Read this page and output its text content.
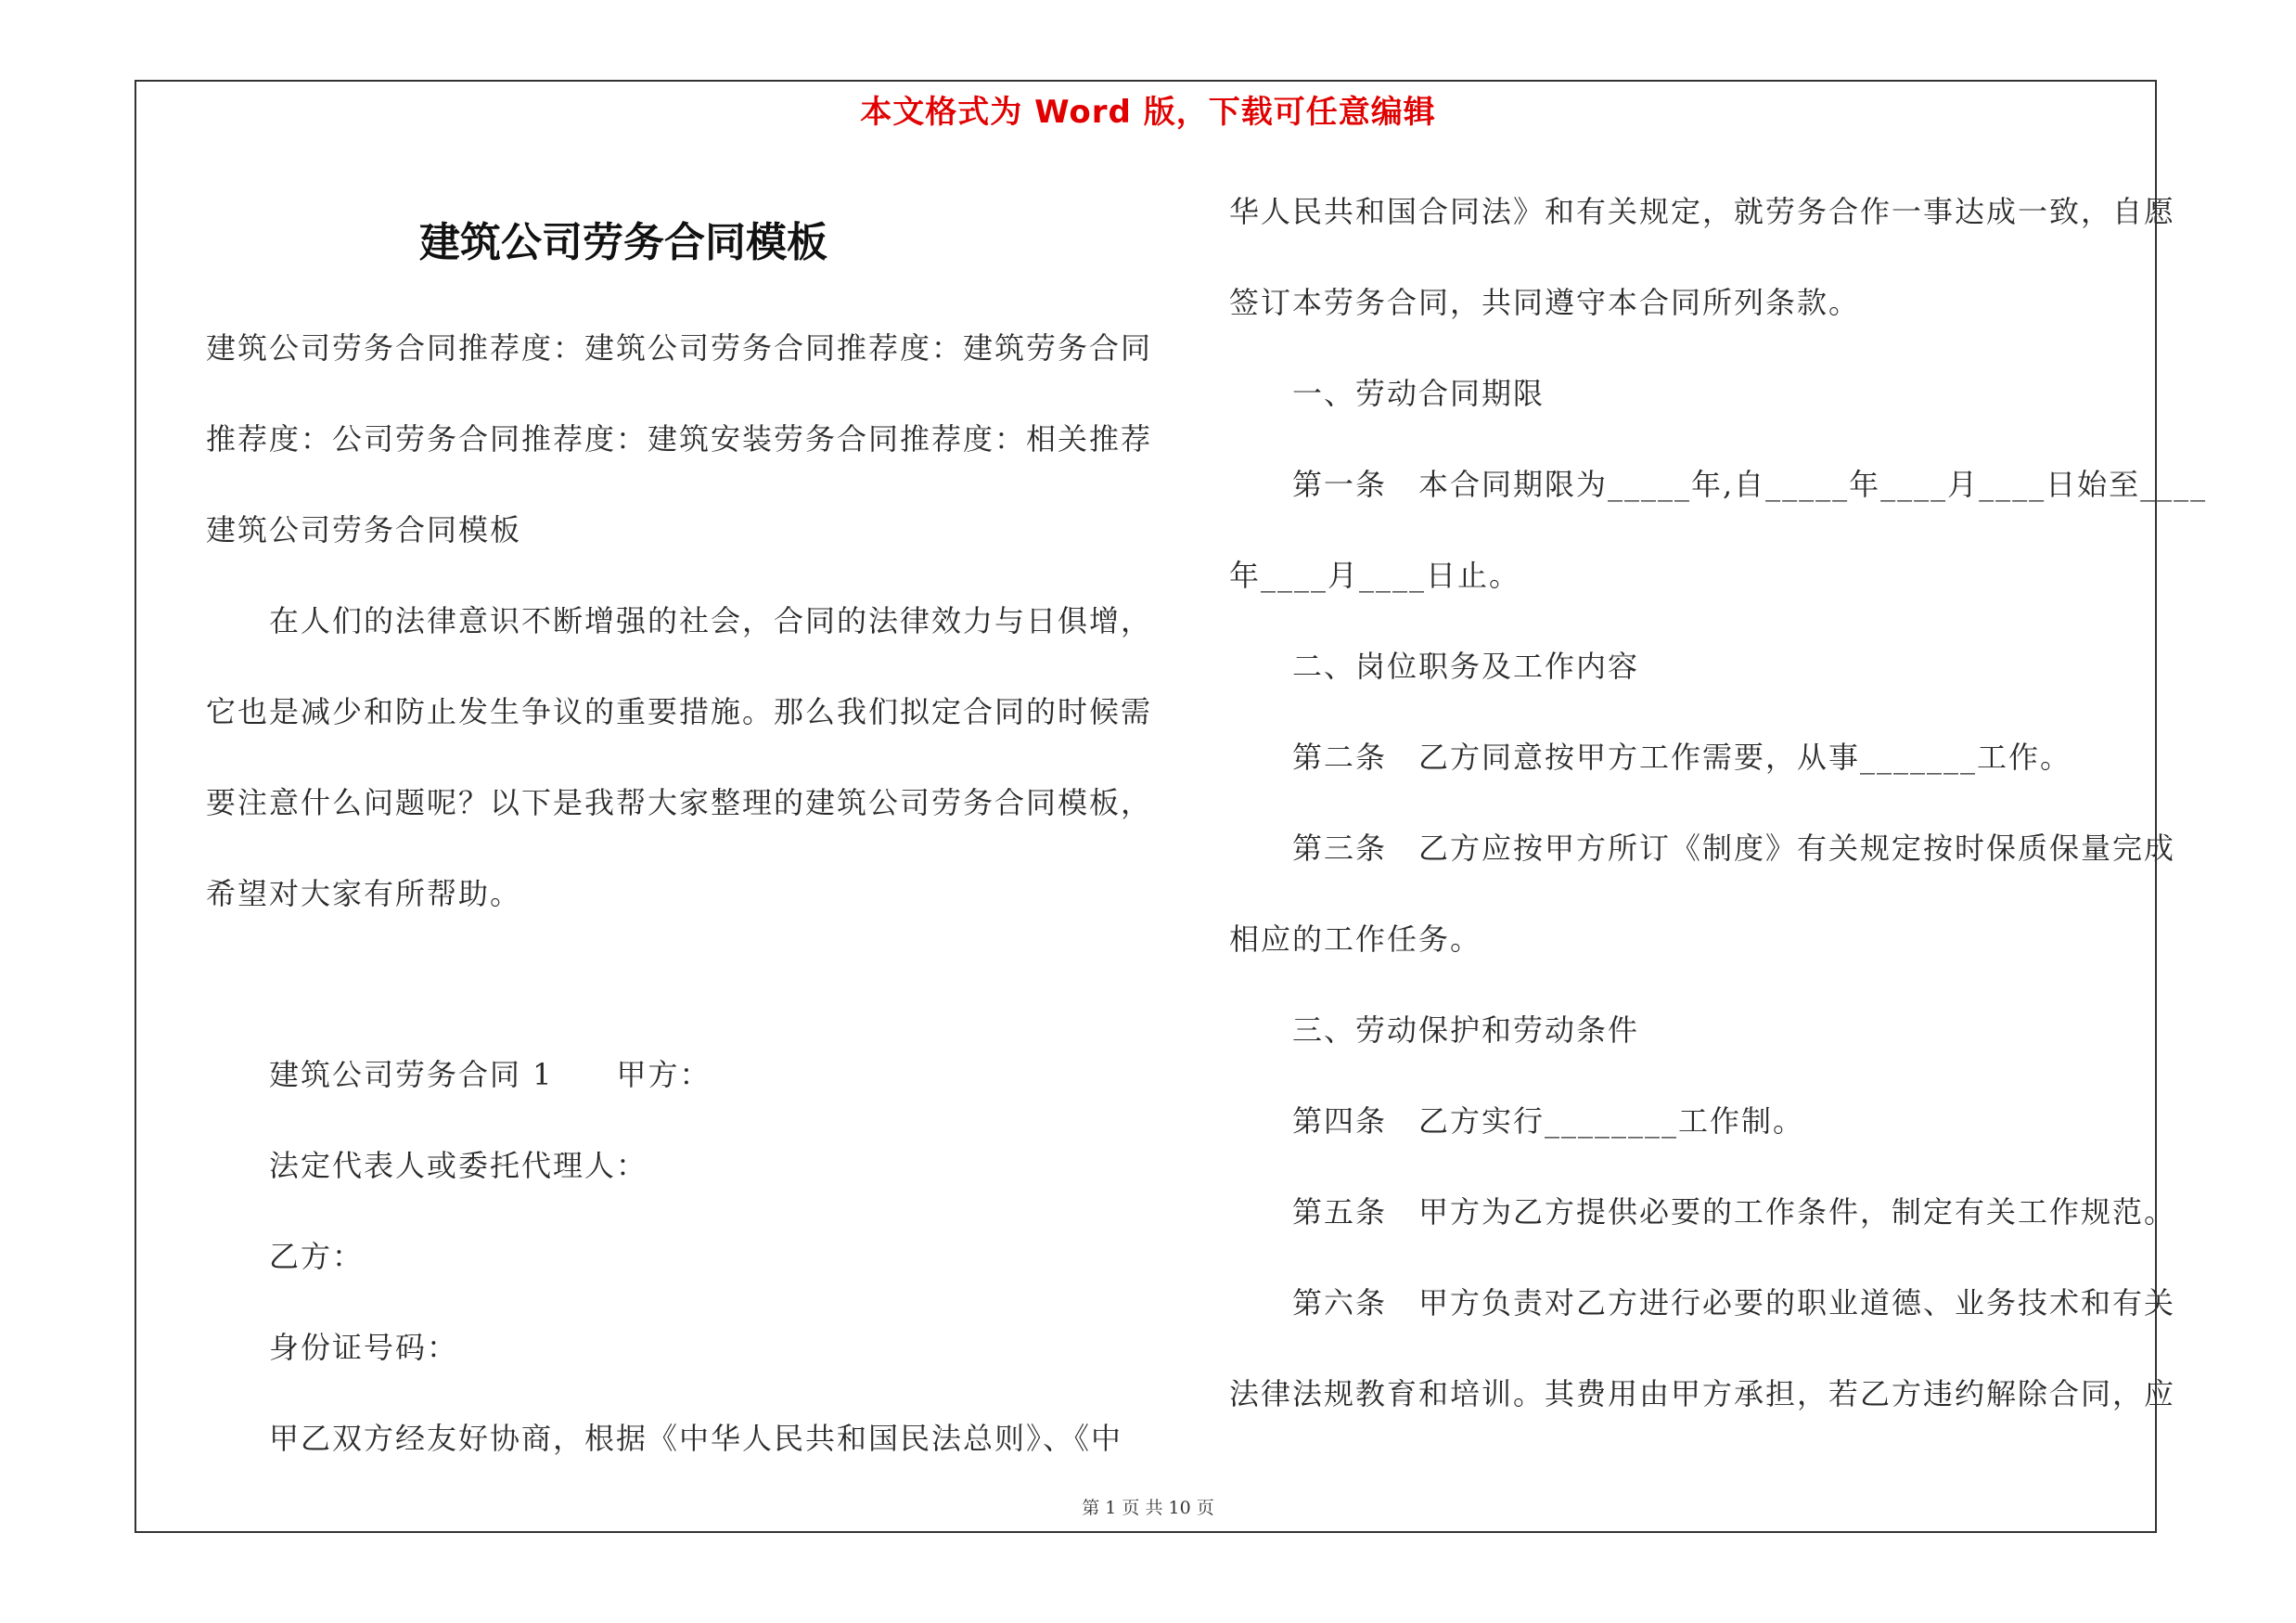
本文格式为 Word 版，下载可任意编辑
建筑公司劳务合同模板
建筑公司劳务合同推荐度：建筑公司劳务合同推荐度：建筑劳务合同
推荐度：公司劳务合同推荐度：建筑安装劳务合同推荐度：相关推荐
建筑公司劳务合同模板
在人们的法律意识不断增强的社会，合同的法律效力与日俱增，
它也是减少和防止发生争议的重要措施。那么我们拟定合同的时候需
要注意什么问题呢？以下是我帮大家整理的建筑公司劳务合同模板，
希望对大家有所帮助。
建筑公司劳务合同 1　　甲方：
法定代表人或委托代理人：
乙方：
身份证号码：
甲乙双方经友好协商，根据《中华人民共和国民法总则》、《中
华人民共和国合同法》和有关规定，就劳务合作一事达成一致，自愿
签订本劳务合同，共同遵守本合同所列条款。
一、劳动合同期限
第一条　本合同期限为_____年,自_____年____月____日始至____
年____月____日止。
二、岗位职务及工作内容
第二条　乙方同意按甲方工作需要，从事_______工作。
第三条　乙方应按甲方所订《制度》有关规定按时保质保量完成
相应的工作任务。
三、劳动保护和劳动条件
第四条　乙方实行________工作制。
第五条　甲方为乙方提供必要的工作条件，制定有关工作规范。
第六条　甲方负责对乙方进行必要的职业道德、业务技术和有关
法律法规教育和培训。其费用由甲方承担，若乙方违约解除合同，应
第 1 页 共 10 页
